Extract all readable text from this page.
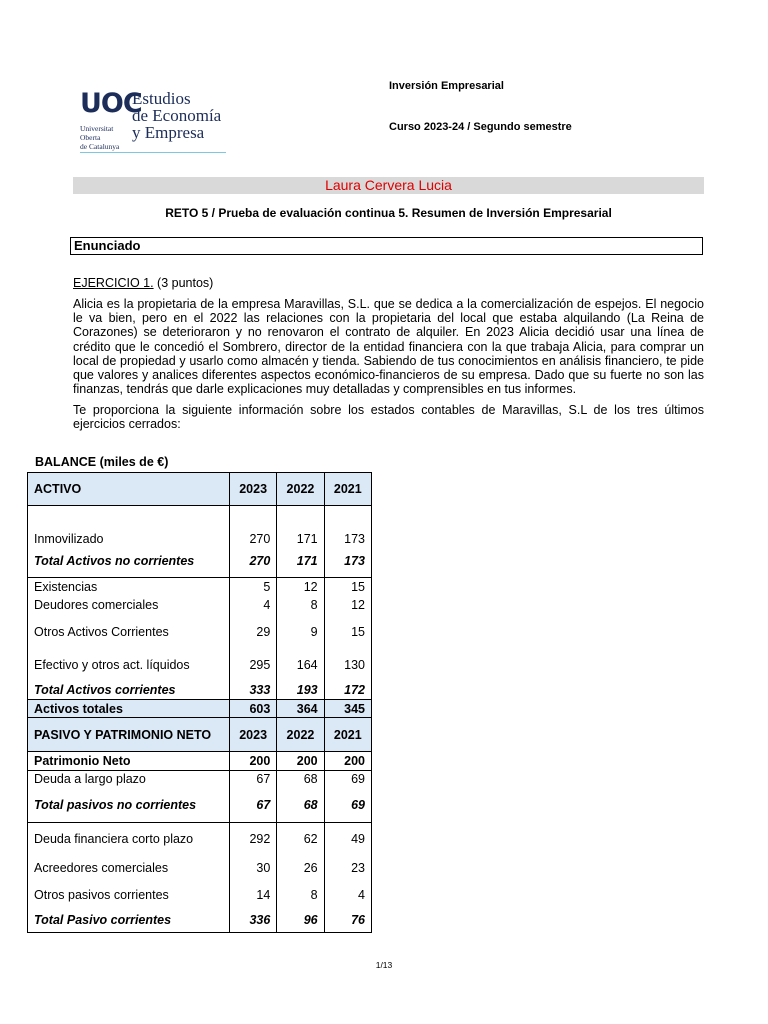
UOC
Universitat
Oberta
de Catalunya
Estudios
de Economía
y Empresa
Inversión Empresarial
Curso 2023-24 / Segundo semestre
Laura Cervera Lucia
RETO 5 / Prueba de evaluación continua 5. Resumen de Inversión Empresarial
Enunciado
EJERCICIO 1. (3 puntos)
Alicia es la propietaria de la empresa Maravillas, S.L. que se dedica a la comercialización de espejos. El negocio le va bien, pero en el 2022 las relaciones con la propietaria del local que estaba alquilando (La Reina de Corazones) se deterioraron y no renovaron el contrato de alquiler. En 2023 Alicia decidió usar una línea de crédito que le concedió el Sombrero, director de la entidad financiera con la que trabaja Alicia, para comprar un local de propiedad y usarlo como almacén y tienda. Sabiendo de tus conocimientos en análisis financiero, te pide que valores y analices diferentes aspectos económico-financieros de su empresa. Dado que su fuerte no son las finanzas, tendrás que darle explicaciones muy detalladas y comprensibles en tus informes.
Te proporciona la siguiente información sobre los estados contables de Maravillas, S.L de los tres últimos ejercicios cerrados:
BALANCE (miles de €)
ACTIVO	2023	2022	2021

Inmovilizado	270	171	173
Total Activos no corrientes	270	171	173
Existencias	5	12	15
Deudores comerciales	4	8	12
Otros Activos Corrientes	29	9	15
Efectivo y otros act. líquidos	295	164	130
Total Activos corrientes	333	193	172
Activos totales	603	364	345
PASIVO Y PATRIMONIO NETO	2023	2022	2021
Patrimonio Neto	200	200	200
Deuda a largo plazo	67	68	69
Total pasivos no corrientes	67	68	69
Deuda financiera corto plazo	292	62	49
Acreedores comerciales	30	26	23
Otros pasivos corrientes	14	8	4
Total Pasivo corrientes	336	96	76
1/13
